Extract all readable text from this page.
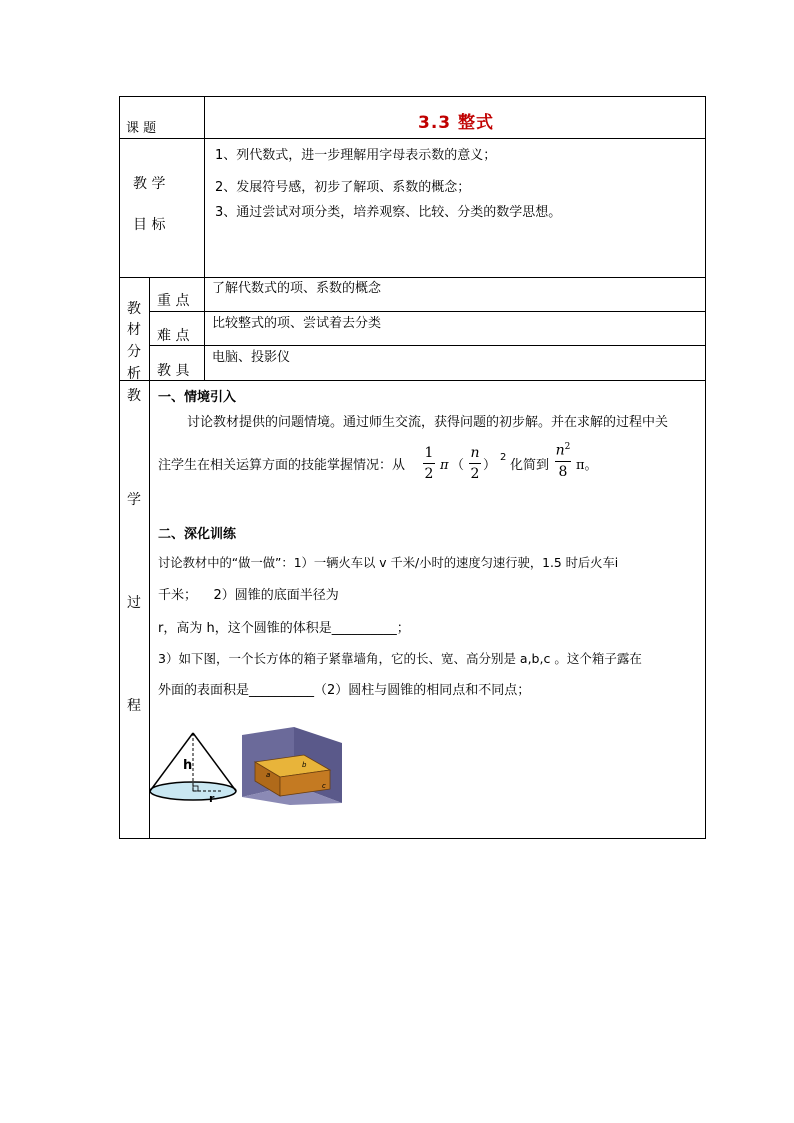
课 题	3.3 整式
教 学
目 标
1、列代数式，进一步理解用字母表示数的意义；
2、发展符号感，初步了解项、系数的概念；
3、通过尝试对项分类，培养观察、比较、分类的数学思想。
教
材
分
析
重 点
了解代数式的项、系数的概念
难 点
比较整式的项、尝试着去分类
教 具
电脑、投影仪
教
学
过
程
一、情境引入
讨论教材提供的问题情境。通过师生交流，获得问题的初步解。并在求解的过程中关
注学生在相关运算方面的技能掌握情况：从
1
2
π （
n
2
）
2
化简到
$n^2$
8 π。
二、深化训练
讨论教材中的“做一做”：1）一辆火车以 v 千米/小时的速度匀速行驶，1.5 时后火车i
千米；    2）圆锥的底面半径为
r，高为 h，这个圆锥的体积是__________；
3）如下图，一个长方体的箱子紧靠墙角，它的长、宽、高分别是 a,b,c 。这个箱子露在
外面的表面积是__________（2）圆柱与圆锥的相同点和不同点；
h
r
a
b
c
